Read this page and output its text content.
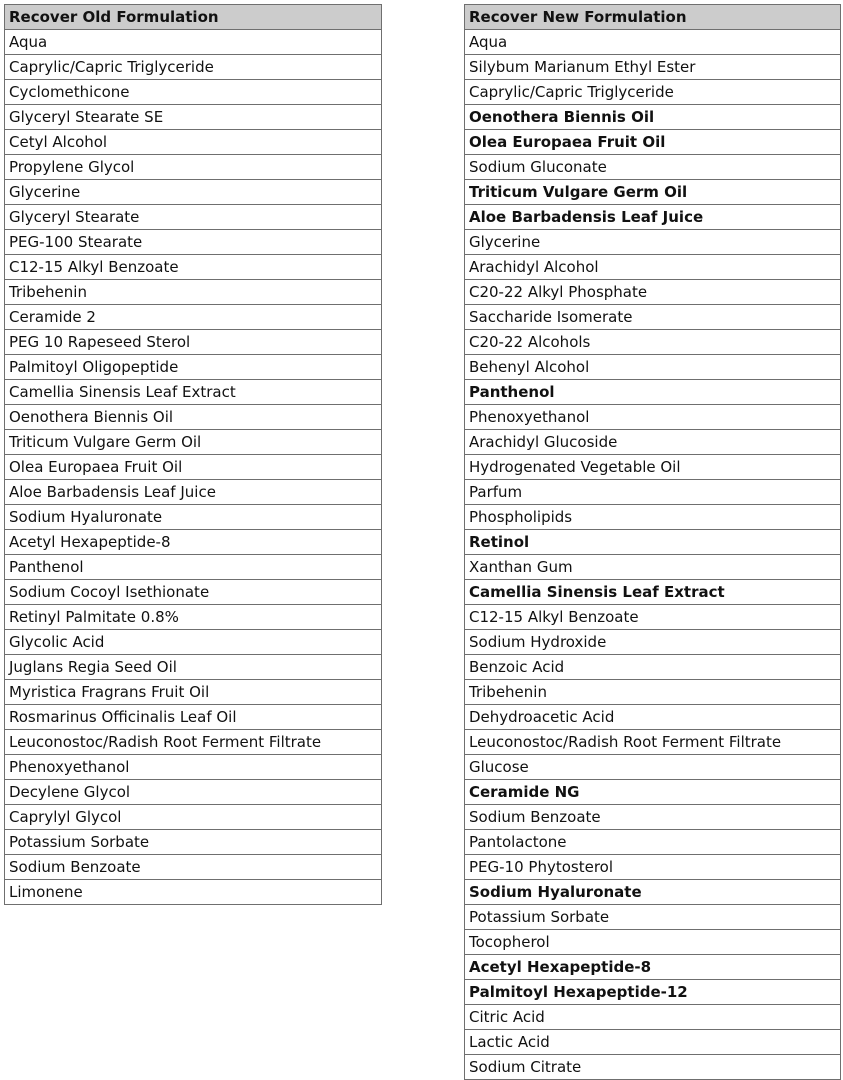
Recover Old Formulation
Aqua
Caprylic/Capric Triglyceride
Cyclomethicone
Glyceryl Stearate SE
Cetyl Alcohol
Propylene Glycol
Glycerine
Glyceryl Stearate
PEG-100 Stearate
C12-15 Alkyl Benzoate
Tribehenin
Ceramide 2
PEG 10 Rapeseed Sterol
Palmitoyl Oligopeptide
Camellia Sinensis Leaf Extract
Oenothera Biennis Oil
Triticum Vulgare Germ Oil
Olea Europaea Fruit Oil
Aloe Barbadensis Leaf Juice
Sodium Hyaluronate
Acetyl Hexapeptide-8
Panthenol
Sodium Cocoyl Isethionate
Retinyl Palmitate 0.8%
Glycolic Acid
Juglans Regia Seed Oil
Myristica Fragrans Fruit Oil
Rosmarinus Officinalis Leaf Oil
Leuconostoc/Radish Root Ferment Filtrate
Phenoxyethanol
Decylene Glycol
Caprylyl Glycol
Potassium Sorbate
Sodium Benzoate
Limonene
Recover New Formulation
Aqua
Silybum Marianum Ethyl Ester
Caprylic/Capric Triglyceride
Oenothera Biennis Oil
Olea Europaea Fruit Oil
Sodium Gluconate
Triticum Vulgare Germ Oil
Aloe Barbadensis Leaf Juice
Glycerine
Arachidyl Alcohol
C20-22 Alkyl Phosphate
Saccharide Isomerate
C20-22 Alcohols
Behenyl Alcohol
Panthenol
Phenoxyethanol
Arachidyl Glucoside
Hydrogenated Vegetable Oil
Parfum
Phospholipids
Retinol
Xanthan Gum
Camellia Sinensis Leaf Extract
C12-15 Alkyl Benzoate
Sodium Hydroxide
Benzoic Acid
Tribehenin
Dehydroacetic Acid
Leuconostoc/Radish Root Ferment Filtrate
Glucose
Ceramide NG
Sodium Benzoate
Pantolactone
PEG-10 Phytosterol
Sodium Hyaluronate
Potassium Sorbate
Tocopherol
Acetyl Hexapeptide-8
Palmitoyl Hexapeptide-12
Citric Acid
Lactic Acid
Sodium Citrate
